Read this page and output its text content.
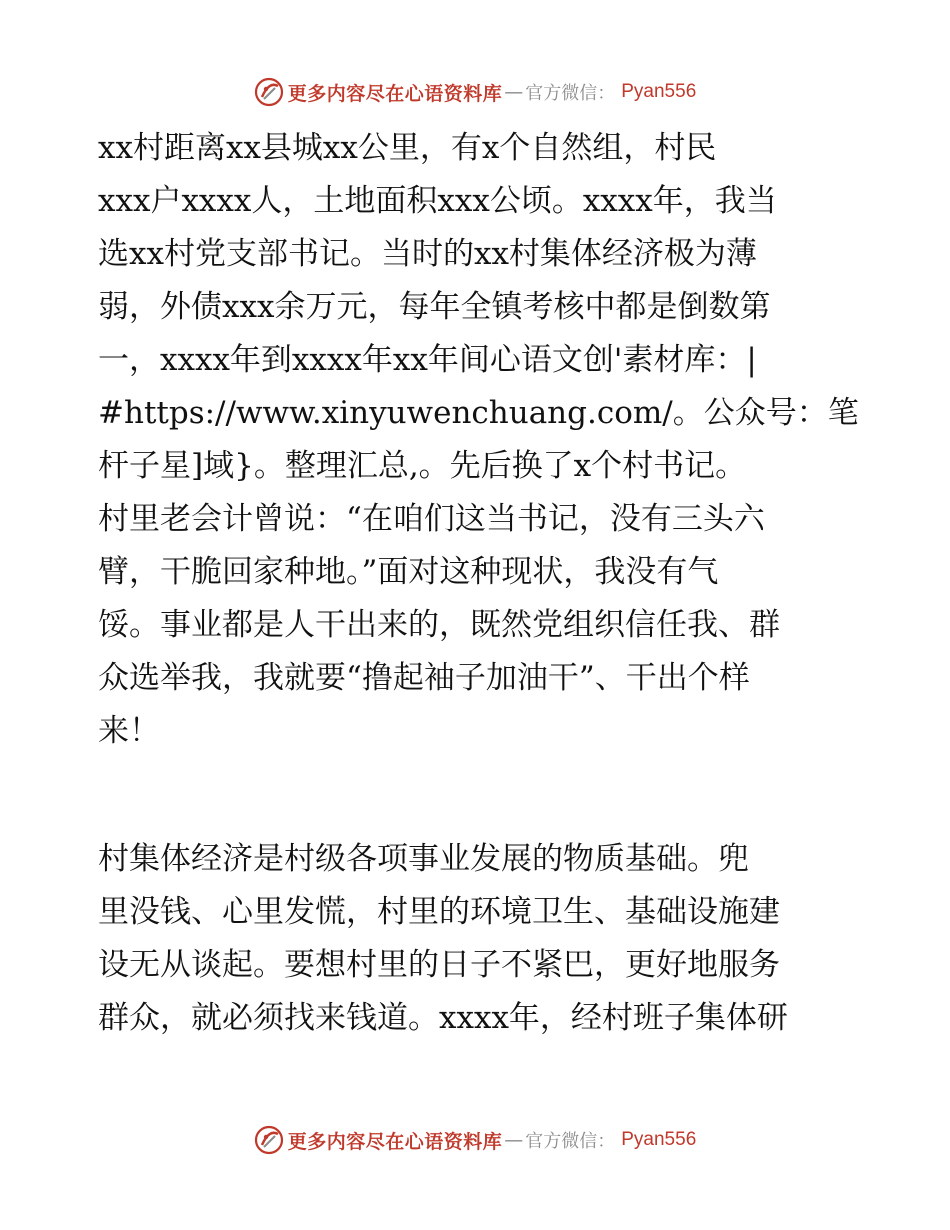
更多内容尽在心语资料库 — 官方微信： Pyan556
xx村距离xx县城xx公里，有x个自然组，村民
xxx户xxxx人，土地面积xxx公顷。xxxx年，我当
选xx村党支部书记。当时的xx村集体经济极为薄
弱，外债xxx余万元，每年全镇考核中都是倒数第
一，xxxx年到xxxx年xx年间心语文创'素材库：|
#https://www.xinyuwenchuang.com/。公众号：笔
杆子星]域}。整理汇总,。先后换了x个村书记。
村里老会计曾说：“在咱们这当书记，没有三头六
臂，干脆回家种地。”面对这种现状，我没有气
馁。事业都是人干出来的，既然党组织信任我、群
众选举我，我就要“撸起袖子加油干”、干出个样
来！
村集体经济是村级各项事业发展的物质基础。兜
里没钱、心里发慌，村里的环境卫生、基础设施建
设无从谈起。要想村里的日子不紧巴，更好地服务
群众，就必须找来钱道。xxxx年，经村班子集体研
更多内容尽在心语资料库 — 官方微信： Pyan556
